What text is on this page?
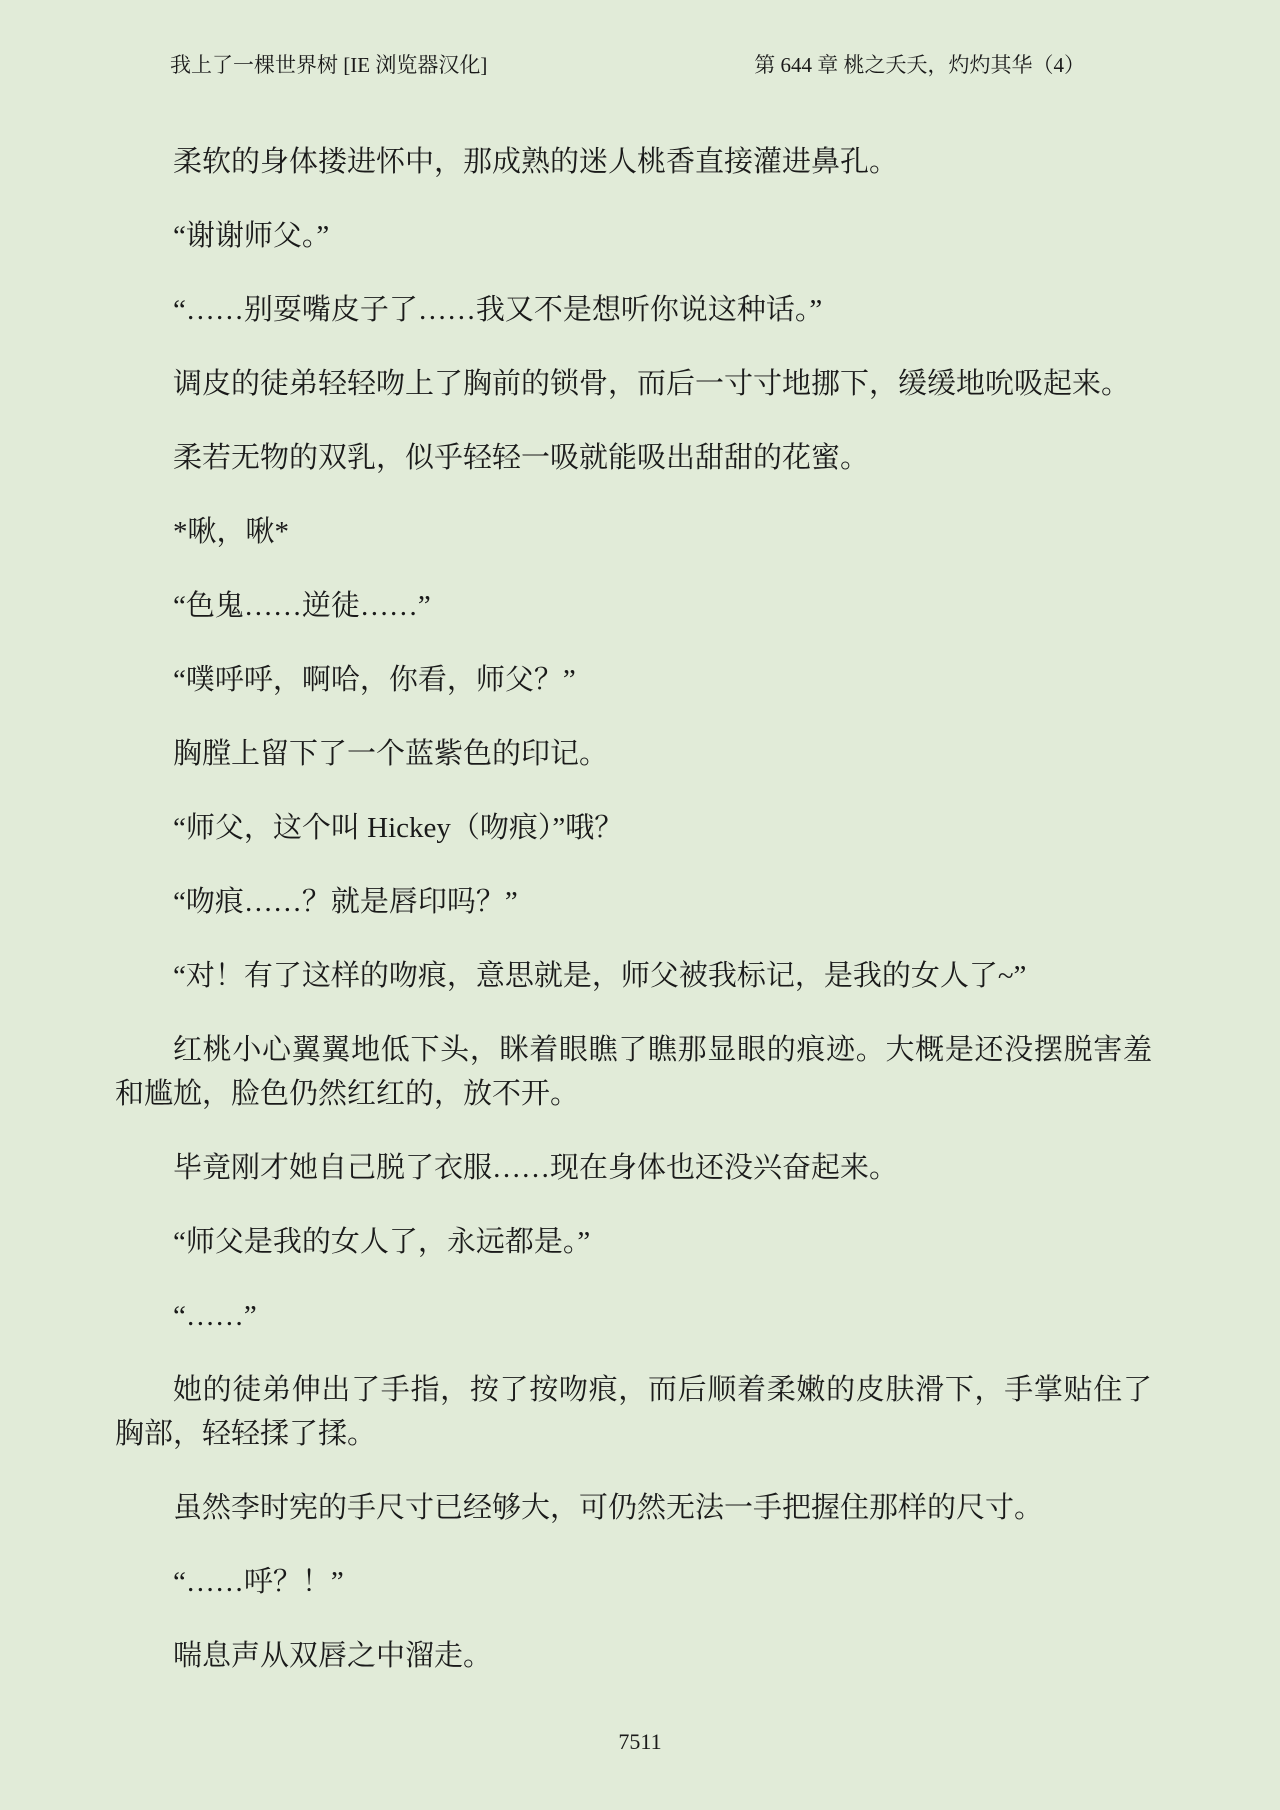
我上了一棵世界树 [IE 浏览器汉化]	第 644 章 桃之夭夭，灼灼其华（4）

柔软的身体搂进怀中，那成熟的迷人桃香直接灌进鼻孔。

“谢谢师父。”

“……别耍嘴皮子了……我又不是想听你说这种话。”

调皮的徒弟轻轻吻上了胸前的锁骨，而后一寸寸地挪下，缓缓地吮吸起来。

柔若无物的双乳，似乎轻轻一吸就能吸出甜甜的花蜜。

*啾，啾*

“色鬼……逆徒……”

“噗呼呼，啊哈，你看，师父？”

胸膛上留下了一个蓝紫色的印记。

“师父，这个叫 Hickey（吻痕）”哦？

“吻痕……？就是唇印吗？”

“对！有了这样的吻痕，意思就是，师父被我标记，是我的女人了~”

红桃小心翼翼地低下头，眯着眼瞧了瞧那显眼的痕迹。大概是还没摆脱害羞和尴尬，脸色仍然红红的，放不开。

毕竟刚才她自己脱了衣服……现在身体也还没兴奋起来。

“师父是我的女人了，永远都是。”

“……”

她的徒弟伸出了手指，按了按吻痕，而后顺着柔嫩的皮肤滑下，手掌贴住了胸部，轻轻揉了揉。

虽然李时宪的手尺寸已经够大，可仍然无法一手把握住那样的尺寸。

“……呼？！”

喘息声从双唇之中溜走。

7511
